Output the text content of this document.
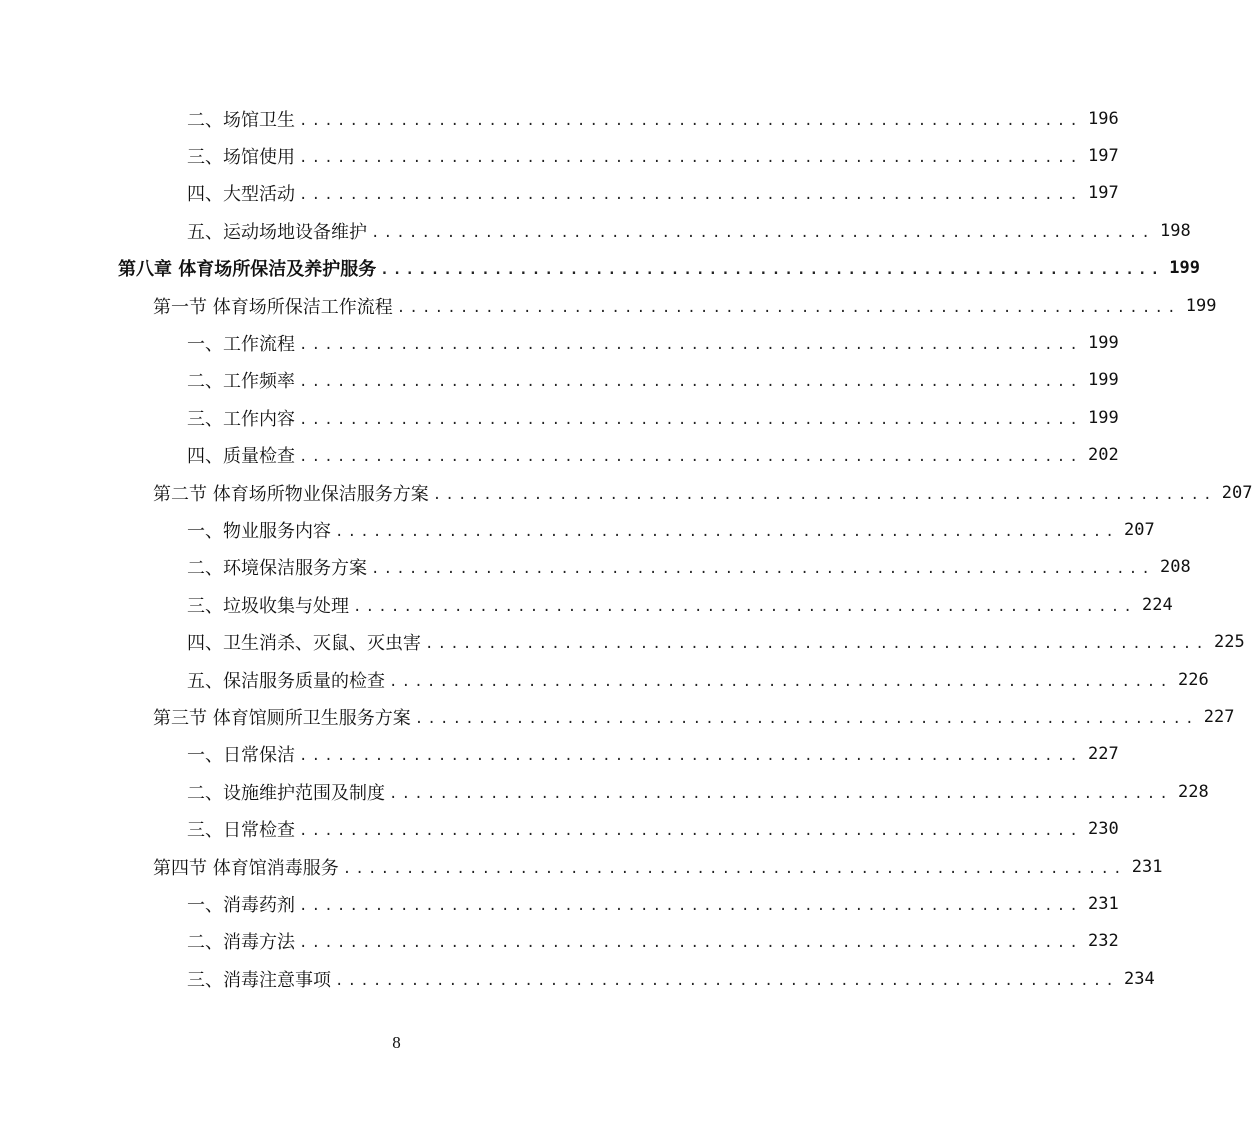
二、场馆卫生 .............................................................. 196
三、场馆使用 .............................................................. 197
四、大型活动 .............................................................. 197
五、运动场地设备维护 .............................................................. 198
第八章 体育场所保洁及养护服务 .............................................................. 199
第一节 体育场所保洁工作流程 .............................................................. 199
一、工作流程 .............................................................. 199
二、工作频率 .............................................................. 199
三、工作内容 .............................................................. 199
四、质量检查 .............................................................. 202
第二节 体育场所物业保洁服务方案 .............................................................. 207
一、物业服务内容 .............................................................. 207
二、环境保洁服务方案 .............................................................. 208
三、垃圾收集与处理 .............................................................. 224
四、卫生消杀、灭鼠、灭虫害 .............................................................. 225
五、保洁服务质量的检查 .............................................................. 226
第三节 体育馆厕所卫生服务方案 .............................................................. 227
一、日常保洁 .............................................................. 227
二、设施维护范围及制度 .............................................................. 228
三、日常检查 .............................................................. 230
第四节 体育馆消毒服务 .............................................................. 231
一、消毒药剂 .............................................................. 231
二、消毒方法 .............................................................. 232
三、消毒注意事项 .............................................................. 234
8
